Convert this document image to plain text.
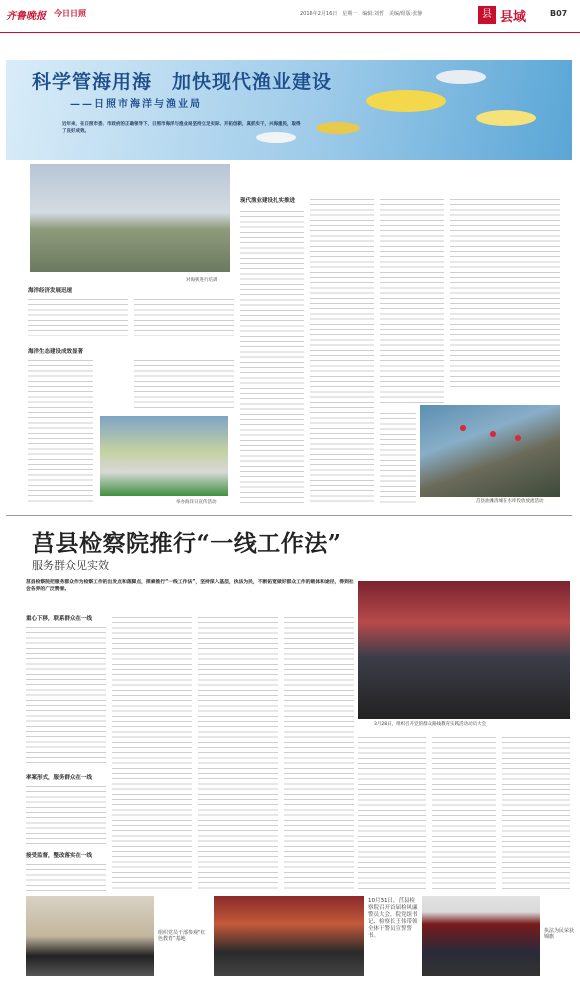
齐鲁晚报 今日日照	2016年2月16日　星期一　编辑:刘哲　美编/组版:张静	县 县域	B07
科学管海用海　加快现代渔业建设
——日照市海洋与渔业局
近年来，在日照市委、市政府的正确领导下，日照市海洋与渔业局坚持立足实际、开拓创新，真抓实干，兴海重民，取得了良好成效。
对海狭进行培训
海洋经济发展迅速
海洋生态建设成效显著
举办海洋日宣传活动
现代渔业建设扎实推进
莒县油滩清城在水库投放放流活动
莒县检察院推行“一线工作法”
服务群众见实效
莒县检察院把服务群众作为检察工作的出发点和落脚点，探索推行“一线工作法”，坚持深入基层，执法为民，不断拓宽做好群众工作的载体和途径，得到社会各界的广泛赞誉。
3月28日，组织召开党的群众路线教育实践活动动员大会
重心下移，联系群众在一线
率案形式，服务群众在一线
接受监督，整改落实在一线
组织党员干部参观“红色教育”基地
10月31日，莒县检察院召开首届检风廉警员大会，院党组书记、检察长王伟带领全体干警员宣誓誓书。
执法为民荣获锦旗
